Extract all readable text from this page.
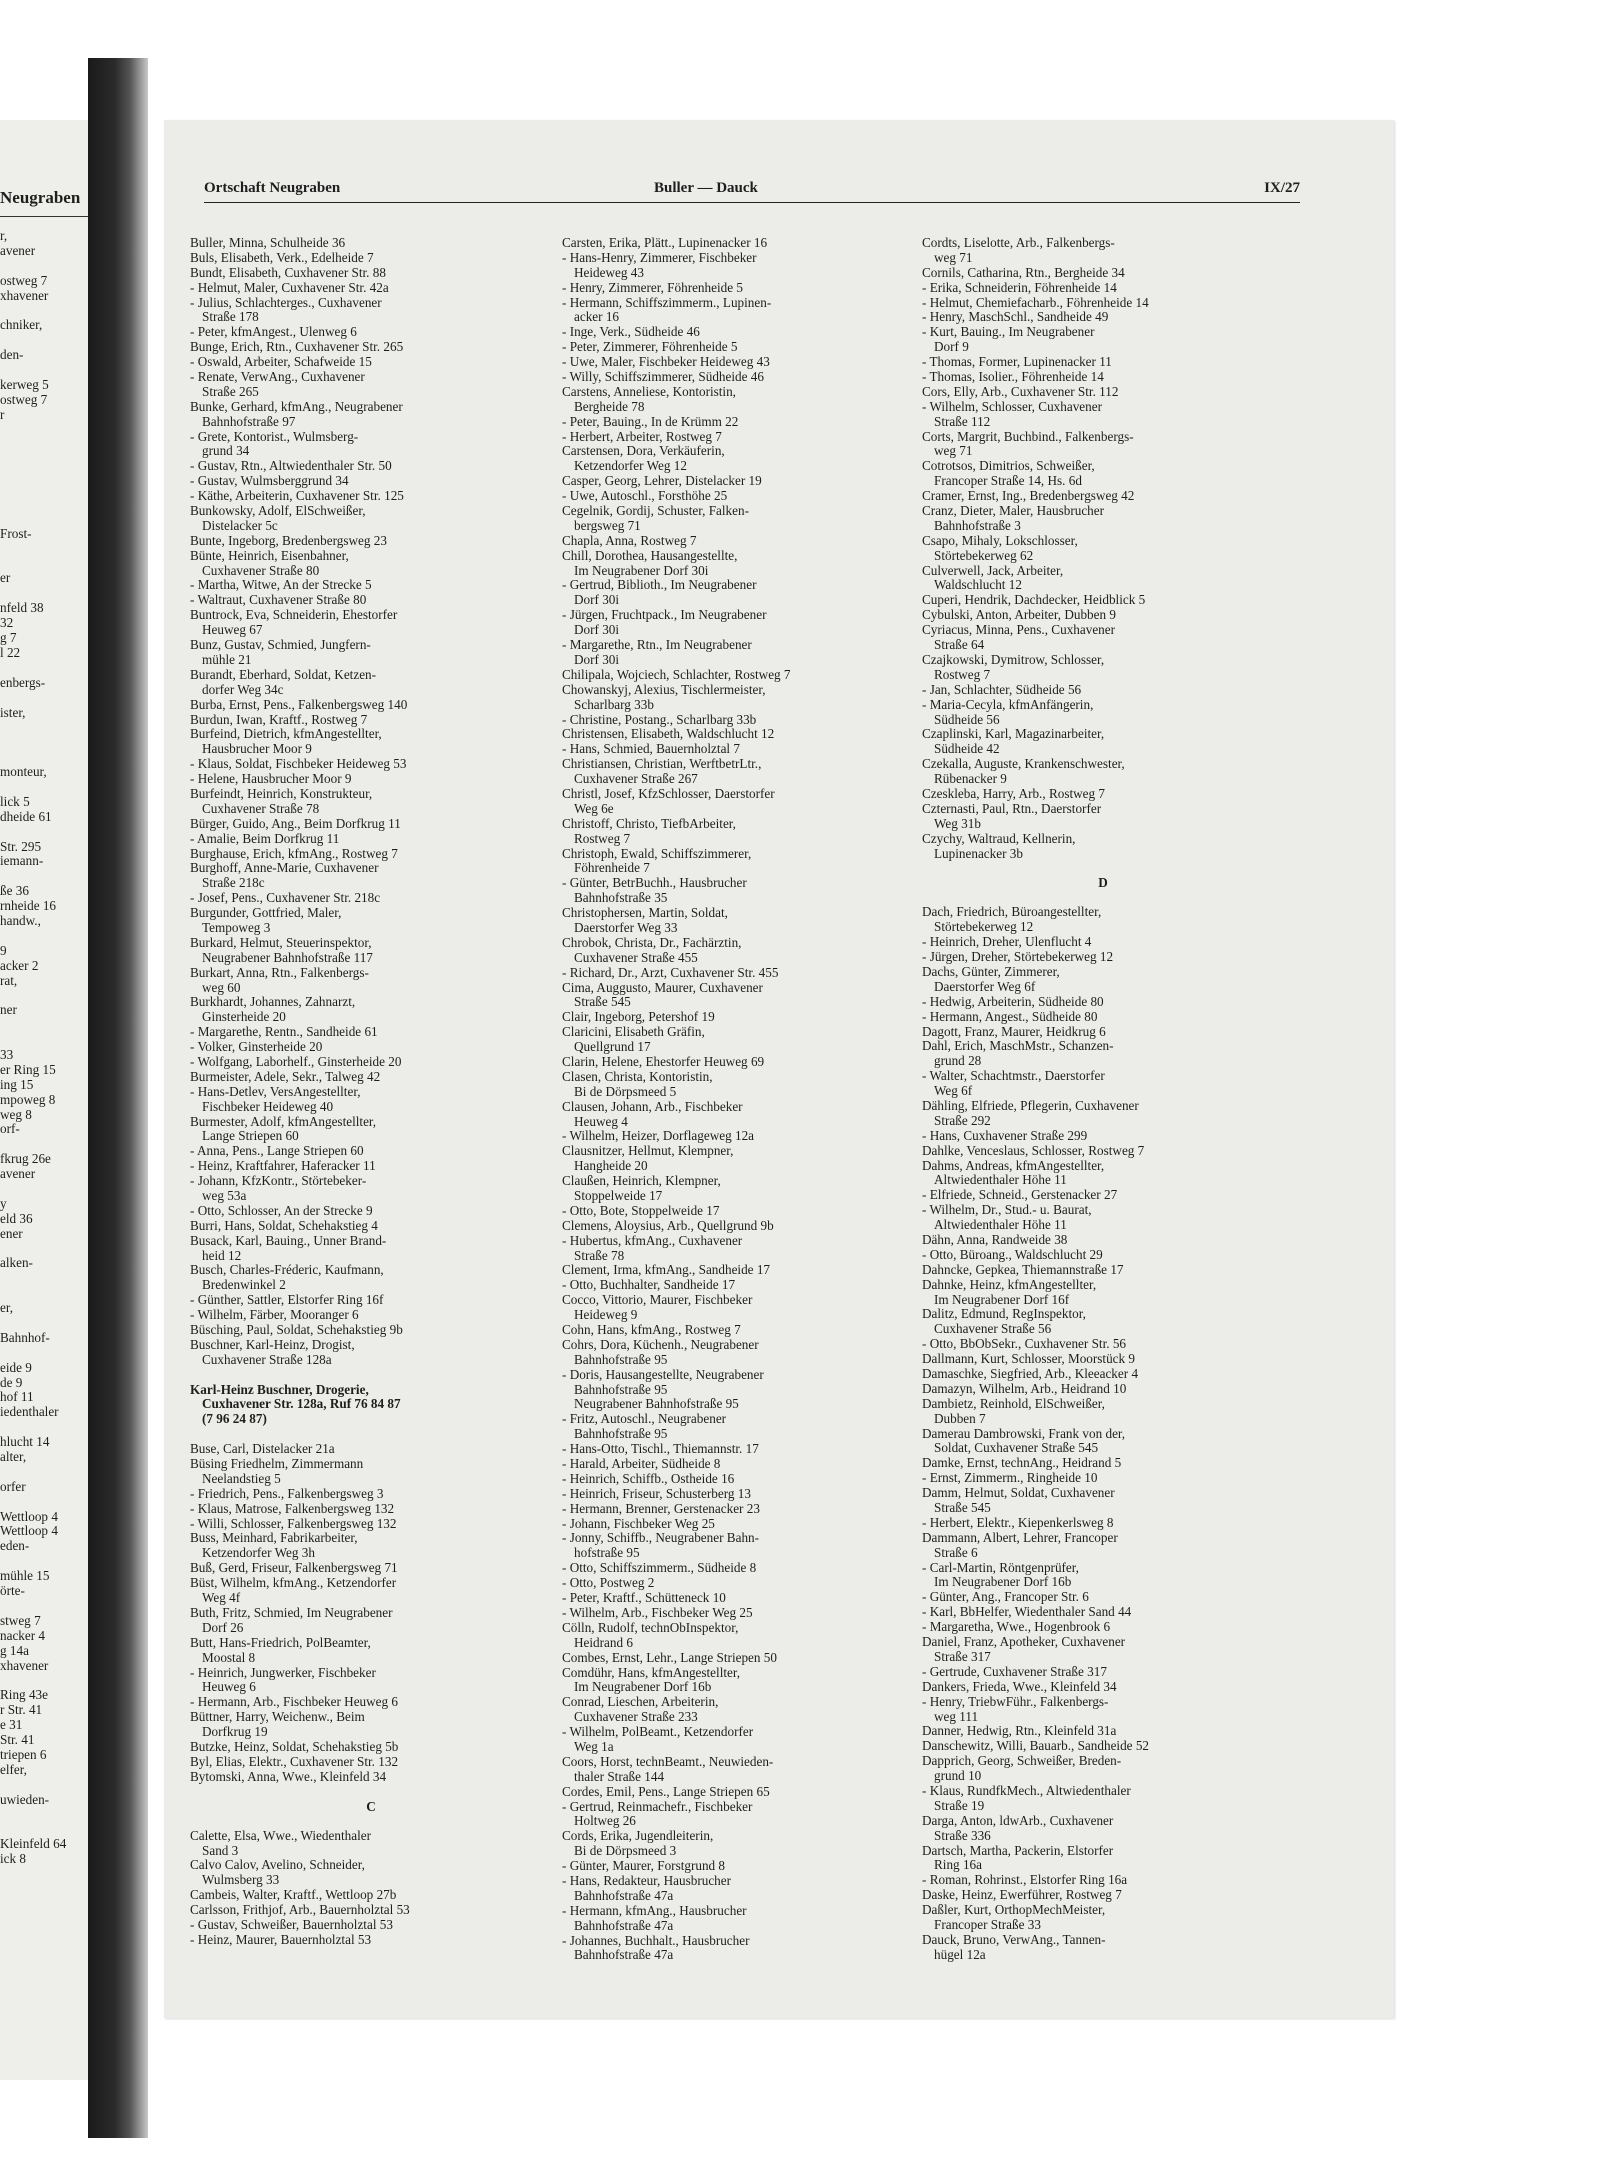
Neugraben
r,
avener
ostweg 7
xhavener
chniker,
den-
kerweg 5
ostweg 7
r
Frost-
er
nfeld 38
32
g 7
l 22
enbergs-
ister,
monteur,
lick 5
dheide 61
Str. 295
iemann-
ße 36
rnheide 16
handw.,
9
acker 2
rat,
ner
33
er Ring 15
ing 15
mpoweg 8
weg 8
orf-
fkrug 26e
avener
y
eld 36
ener
alken-
er,
Bahnhof-
eide 9
de 9
hof 11
iedenthaler
hlucht 14
alter,
orfer
Wettloop 4
Wettloop 4
eden-
mühle 15
örte-
stweg 7
nacker 4
g 14a
xhavener
Ring 43e
r Str. 41
e 31
Str. 41
triepen 6
elfer,
uwieden-
Kleinfeld 64
ick 8
Ortschaft Neugraben	Buller — Dauck	IX/27
Buller, Minna, Schulheide 36
Buls, Elisabeth, Verk., Edelheide 7
Bundt, Elisabeth, Cuxhavener Str. 88
- Helmut, Maler, Cuxhavener Str. 42a
- Julius, Schlachterges., Cuxhavener
Straße 178
- Peter, kfmAngest., Ulenweg 6
Bunge, Erich, Rtn., Cuxhavener Str. 265
- Oswald, Arbeiter, Schafweide 15
- Renate, VerwAng., Cuxhavener
Straße 265
Bunke, Gerhard, kfmAng., Neugrabener
Bahnhofstraße 97
- Grete, Kontorist., Wulmsberg-
grund 34
- Gustav, Rtn., Altwiedenthaler Str. 50
- Gustav, Wulmsberggrund 34
- Käthe, Arbeiterin, Cuxhavener Str. 125
Bunkowsky, Adolf, ElSchweißer,
Distelacker 5c
Bunte, Ingeborg, Bredenbergsweg 23
Bünte, Heinrich, Eisenbahner,
Cuxhavener Straße 80
- Martha, Witwe, An der Strecke 5
- Waltraut, Cuxhavener Straße 80
Buntrock, Eva, Schneiderin, Ehestorfer
Heuweg 67
Bunz, Gustav, Schmied, Jungfern-
mühle 21
Burandt, Eberhard, Soldat, Ketzen-
dorfer Weg 34c
Burba, Ernst, Pens., Falkenbergsweg 140
Burdun, Iwan, Kraftf., Rostweg 7
Burfeind, Dietrich, kfmAngestellter,
Hausbrucher Moor 9
- Klaus, Soldat, Fischbeker Heideweg 53
- Helene, Hausbrucher Moor 9
Burfeindt, Heinrich, Konstrukteur,
Cuxhavener Straße 78
Bürger, Guido, Ang., Beim Dorfkrug 11
- Amalie, Beim Dorfkrug 11
Burghause, Erich, kfmAng., Rostweg 7
Burghoff, Anne-Marie, Cuxhavener
Straße 218c
- Josef, Pens., Cuxhavener Str. 218c
Burgunder, Gottfried, Maler,
Tempoweg 3
Burkard, Helmut, Steuerinspektor,
Neugrabener Bahnhofstraße 117
Burkart, Anna, Rtn., Falkenbergs-
weg 60
Burkhardt, Johannes, Zahnarzt,
Ginsterheide 20
- Margarethe, Rentn., Sandheide 61
- Volker, Ginsterheide 20
- Wolfgang, Laborhelf., Ginsterheide 20
Burmeister, Adele, Sekr., Talweg 42
- Hans-Detlev, VersAngestellter,
Fischbeker Heideweg 40
Burmester, Adolf, kfmAngestellter,
Lange Striepen 60
- Anna, Pens., Lange Striepen 60
- Heinz, Kraftfahrer, Haferacker 11
- Johann, KfzKontr., Störtebeker-
weg 53a
- Otto, Schlosser, An der Strecke 9
Burri, Hans, Soldat, Schehakstieg 4
Busack, Karl, Bauing., Unner Brand-
heid 12
Busch, Charles-Fréderic, Kaufmann,
Bredenwinkel 2
- Günther, Sattler, Elstorfer Ring 16f
- Wilhelm, Färber, Mooranger 6
Büsching, Paul, Soldat, Schehakstieg 9b
Buschner, Karl-Heinz, Drogist,
Cuxhavener Straße 128a
Karl-Heinz Buschner, Drogerie,
Cuxhavener Str. 128a, Ruf 76 84 87
(7 96 24 87)
Buse, Carl, Distelacker 21a
Büsing Friedhelm, Zimmermann
Neelandstieg 5
- Friedrich, Pens., Falkenbergsweg 3
- Klaus, Matrose, Falkenbergsweg 132
- Willi, Schlosser, Falkenbergsweg 132
Buss, Meinhard, Fabrikarbeiter,
Ketzendorfer Weg 3h
Buß, Gerd, Friseur, Falkenbergsweg 71
Büst, Wilhelm, kfmAng., Ketzendorfer
Weg 4f
Buth, Fritz, Schmied, Im Neugrabener
Dorf 26
Butt, Hans-Friedrich, PolBeamter,
Moostal 8
- Heinrich, Jungwerker, Fischbeker
Heuweg 6
- Hermann, Arb., Fischbeker Heuweg 6
Büttner, Harry, Weichenw., Beim
Dorfkrug 19
Butzke, Heinz, Soldat, Schehakstieg 5b
Byl, Elias, Elektr., Cuxhavener Str. 132
Bytomski, Anna, Wwe., Kleinfeld 34
C
Calette, Elsa, Wwe., Wiedenthaler
Sand 3
Calvo Calov, Avelino, Schneider,
Wulmsberg 33
Cambeis, Walter, Kraftf., Wettloop 27b
Carlsson, Frithjof, Arb., Bauernholztal 53
- Gustav, Schweißer, Bauernholztal 53
- Heinz, Maurer, Bauernholztal 53
Carsten, Erika, Plätt., Lupinenacker 16
- Hans-Henry, Zimmerer, Fischbeker
Heideweg 43
- Henry, Zimmerer, Föhrenheide 5
- Hermann, Schiffszimmerm., Lupinen-
acker 16
- Inge, Verk., Südheide 46
- Peter, Zimmerer, Föhrenheide 5
- Uwe, Maler, Fischbeker Heideweg 43
- Willy, Schiffszimmerer, Südheide 46
Carstens, Anneliese, Kontoristin,
Bergheide 78
- Peter, Bauing., In de Krümm 22
- Herbert, Arbeiter, Rostweg 7
Carstensen, Dora, Verkäuferin,
Ketzendorfer Weg 12
Casper, Georg, Lehrer, Distelacker 19
- Uwe, Autoschl., Forsthöhe 25
Cegelnik, Gordij, Schuster, Falken-
bergsweg 71
Chapla, Anna, Rostweg 7
Chill, Dorothea, Hausangestellte,
Im Neugrabener Dorf 30i
- Gertrud, Biblioth., Im Neugrabener
Dorf 30i
- Jürgen, Fruchtpack., Im Neugrabener
Dorf 30i
- Margarethe, Rtn., Im Neugrabener
Dorf 30i
Chilipala, Wojciech, Schlachter, Rostweg 7
Chowanskyj, Alexius, Tischlermeister,
Scharlbarg 33b
- Christine, Postang., Scharlbarg 33b
Christensen, Elisabeth, Waldschlucht 12
- Hans, Schmied, Bauernholztal 7
Christiansen, Christian, WerftbetrLtr.,
Cuxhavener Straße 267
Christl, Josef, KfzSchlosser, Daerstorfer
Weg 6e
Christoff, Christo, TiefbArbeiter,
Rostweg 7
Christoph, Ewald, Schiffszimmerer,
Föhrenheide 7
- Günter, BetrBuchh., Hausbrucher
Bahnhofstraße 35
Christophersen, Martin, Soldat,
Daerstorfer Weg 33
Chrobok, Christa, Dr., Fachärztin,
Cuxhavener Straße 455
- Richard, Dr., Arzt, Cuxhavener Str. 455
Cima, Auggusto, Maurer, Cuxhavener
Straße 545
Clair, Ingeborg, Petershof 19
Claricini, Elisabeth Gräfin,
Quellgrund 17
Clarin, Helene, Ehestorfer Heuweg 69
Clasen, Christa, Kontoristin,
Bi de Dörpsmeed 5
Clausen, Johann, Arb., Fischbeker
Heuweg 4
- Wilhelm, Heizer, Dorflageweg 12a
Clausnitzer, Hellmut, Klempner,
Hangheide 20
Claußen, Heinrich, Klempner,
Stoppelweide 17
- Otto, Bote, Stoppelweide 17
Clemens, Aloysius, Arb., Quellgrund 9b
- Hubertus, kfmAng., Cuxhavener
Straße 78
Clement, Irma, kfmAng., Sandheide 17
- Otto, Buchhalter, Sandheide 17
Cocco, Vittorio, Maurer, Fischbeker
Heideweg 9
Cohn, Hans, kfmAng., Rostweg 7
Cohrs, Dora, Küchenh., Neugrabener
Bahnhofstraße 95
- Doris, Hausangestellte, Neugrabener
Bahnhofstraße 95
Neugrabener Bahnhofstraße 95
- Fritz, Autoschl., Neugrabener
Bahnhofstraße 95
- Hans-Otto, Tischl., Thiemannstr. 17
- Harald, Arbeiter, Südheide 8
- Heinrich, Schiffb., Ostheide 16
- Heinrich, Friseur, Schusterberg 13
- Hermann, Brenner, Gerstenacker 23
- Johann, Fischbeker Weg 25
- Jonny, Schiffb., Neugrabener Bahn-
hofstraße 95
- Otto, Schiffszimmerm., Südheide 8
- Otto, Postweg 2
- Peter, Kraftf., Schütteneck 10
- Wilhelm, Arb., Fischbeker Weg 25
Cölln, Rudolf, technObInspektor,
Heidrand 6
Combes, Ernst, Lehr., Lange Striepen 50
Comdühr, Hans, kfmAngestellter,
Im Neugrabener Dorf 16b
Conrad, Lieschen, Arbeiterin,
Cuxhavener Straße 233
- Wilhelm, PolBeamt., Ketzendorfer
Weg 1a
Coors, Horst, technBeamt., Neuwieden-
thaler Straße 144
Cordes, Emil, Pens., Lange Striepen 65
- Gertrud, Reinmachefr., Fischbeker
Holtweg 26
Cords, Erika, Jugendleiterin,
Bi de Dörpsmeed 3
- Günter, Maurer, Forstgrund 8
- Hans, Redakteur, Hausbrucher
Bahnhofstraße 47a
- Hermann, kfmAng., Hausbrucher
Bahnhofstraße 47a
- Johannes, Buchhalt., Hausbrucher
Bahnhofstraße 47a
Cordts, Liselotte, Arb., Falkenbergs-
weg 71
Cornils, Catharina, Rtn., Bergheide 34
- Erika, Schneiderin, Föhrenheide 14
- Helmut, Chemiefacharb., Föhrenheide 14
- Henry, MaschSchl., Sandheide 49
- Kurt, Bauing., Im Neugrabener
Dorf 9
- Thomas, Former, Lupinenacker 11
- Thomas, Isolier., Föhrenheide 14
Cors, Elly, Arb., Cuxhavener Str. 112
- Wilhelm, Schlosser, Cuxhavener
Straße 112
Corts, Margrit, Buchbind., Falkenbergs-
weg 71
Cotrotsos, Dimitrios, Schweißer,
Francoper Straße 14, Hs. 6d
Cramer, Ernst, Ing., Bredenbergsweg 42
Cranz, Dieter, Maler, Hausbrucher
Bahnhofstraße 3
Csapo, Mihaly, Lokschlosser,
Störtebekerweg 62
Culverwell, Jack, Arbeiter,
Waldschlucht 12
Cuperi, Hendrik, Dachdecker, Heidblick 5
Cybulski, Anton, Arbeiter, Dubben 9
Cyriacus, Minna, Pens., Cuxhavener
Straße 64
Czajkowski, Dymitrow, Schlosser,
Rostweg 7
- Jan, Schlachter, Südheide 56
- Maria-Cecyla, kfmAnfängerin,
Südheide 56
Czaplinski, Karl, Magazinarbeiter,
Südheide 42
Czekalla, Auguste, Krankenschwester,
Rübenacker 9
Czeskleba, Harry, Arb., Rostweg 7
Czternasti, Paul, Rtn., Daerstorfer
Weg 31b
Czychy, Waltraud, Kellnerin,
Lupinenacker 3b
D
Dach, Friedrich, Büroangestellter,
Störtebekerweg 12
- Heinrich, Dreher, Ulenflucht 4
- Jürgen, Dreher, Störtebekerweg 12
Dachs, Günter, Zimmerer,
Daerstorfer Weg 6f
- Hedwig, Arbeiterin, Südheide 80
- Hermann, Angest., Südheide 80
Dagott, Franz, Maurer, Heidkrug 6
Dahl, Erich, MaschMstr., Schanzen-
grund 28
- Walter, Schachtmstr., Daerstorfer
Weg 6f
Dähling, Elfriede, Pflegerin, Cuxhavener
Straße 292
- Hans, Cuxhavener Straße 299
Dahlke, Venceslaus, Schlosser, Rostweg 7
Dahms, Andreas, kfmAngestellter,
Altwiedenthaler Höhe 11
- Elfriede, Schneid., Gerstenacker 27
- Wilhelm, Dr., Stud.- u. Baurat,
Altwiedenthaler Höhe 11
Dähn, Anna, Randweide 38
- Otto, Büroang., Waldschlucht 29
Dahncke, Gepkea, Thiemannstraße 17
Dahnke, Heinz, kfmAngestellter,
Im Neugrabener Dorf 16f
Dalitz, Edmund, RegInspektor,
Cuxhavener Straße 56
- Otto, BbObSekr., Cuxhavener Str. 56
Dallmann, Kurt, Schlosser, Moorstück 9
Damaschke, Siegfried, Arb., Kleeacker 4
Damazyn, Wilhelm, Arb., Heidrand 10
Dambietz, Reinhold, ElSchweißer,
Dubben 7
Damerau Dambrowski, Frank von der,
Soldat, Cuxhavener Straße 545
Damke, Ernst, technAng., Heidrand 5
- Ernst, Zimmerm., Ringheide 10
Damm, Helmut, Soldat, Cuxhavener
Straße 545
- Herbert, Elektr., Kiepenkerlsweg 8
Dammann, Albert, Lehrer, Francoper
Straße 6
- Carl-Martin, Röntgenprüfer,
Im Neugrabener Dorf 16b
- Günter, Ang., Francoper Str. 6
- Karl, BbHelfer, Wiedenthaler Sand 44
- Margaretha, Wwe., Hogenbrook 6
Daniel, Franz, Apotheker, Cuxhavener
Straße 317
- Gertrude, Cuxhavener Straße 317
Dankers, Frieda, Wwe., Kleinfeld 34
- Henry, TriebwFühr., Falkenbergs-
weg 111
Danner, Hedwig, Rtn., Kleinfeld 31a
Danschewitz, Willi, Bauarb., Sandheide 52
Dapprich, Georg, Schweißer, Breden-
grund 10
- Klaus, RundfkMech., Altwiedenthaler
Straße 19
Darga, Anton, ldwArb., Cuxhavener
Straße 336
Dartsch, Martha, Packerin, Elstorfer
Ring 16a
- Roman, Rohrinst., Elstorfer Ring 16a
Daske, Heinz, Ewerführer, Rostweg 7
Daßler, Kurt, OrthopMechMeister,
Francoper Straße 33
Dauck, Bruno, VerwAng., Tannen-
hügel 12a
